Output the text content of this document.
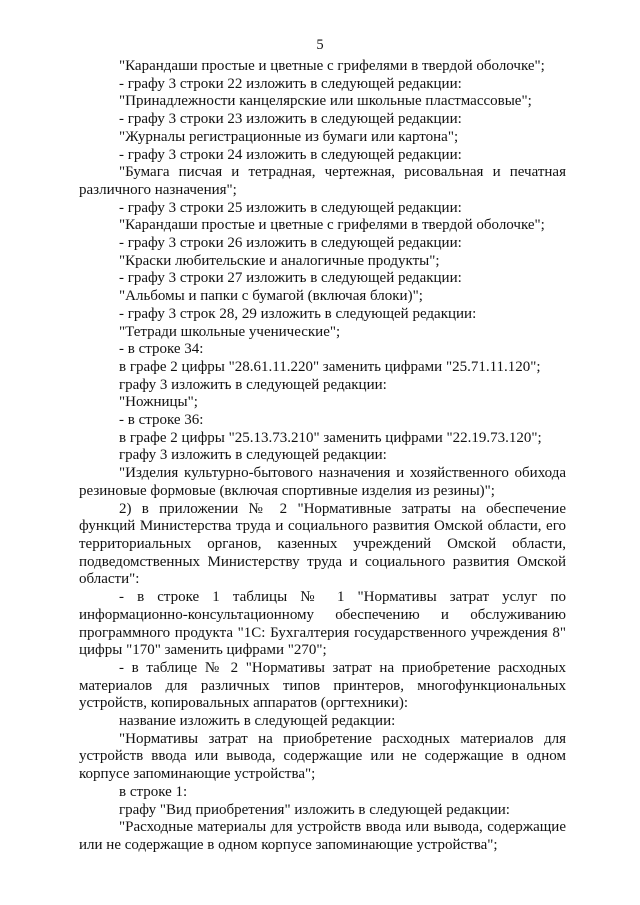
5

"Карандаши простые и цветные с грифелями в твердой оболочке";

- графу 3 строки 22 изложить в следующей редакции:

"Принадлежности канцелярские или школьные пластмассовые";

- графу 3 строки 23 изложить в следующей редакции:

"Журналы регистрационные из бумаги или картона";

- графу 3 строки 24 изложить в следующей редакции:

"Бумага писчая и тетрадная, чертежная, рисовальная и печатная различного назначения";

- графу 3 строки 25 изложить в следующей редакции:

"Карандаши простые и цветные с грифелями в твердой оболочке";

- графу 3 строки 26 изложить в следующей редакции:

"Краски любительские и аналогичные продукты";

- графу 3 строки 27 изложить в следующей редакции:

"Альбомы и папки с бумагой (включая блоки)";

- графу 3 строк 28, 29 изложить в следующей редакции:

"Тетради школьные ученические";

- в строке 34:

в графе 2 цифры "28.61.11.220" заменить цифрами "25.71.11.120";

графу 3 изложить в следующей редакции:

"Ножницы";

- в строке 36:

в графе 2 цифры "25.13.73.210" заменить цифрами "22.19.73.120";

графу 3 изложить в следующей редакции:

"Изделия культурно-бытового назначения и хозяйственного обихода резиновые формовые (включая спортивные изделия из резины)";

2) в приложении № 2 "Нормативные затраты на обеспечение функций Министерства труда и социального развития Омской области, его территориальных органов, казенных учреждений Омской области, подведомственных Министерству труда и социального развития Омской области":

- в строке 1 таблицы № 1 "Нормативы затрат услуг по информационно-консультационному обеспечению и обслуживанию программного продукта "1С: Бухгалтерия государственного учреждения 8" цифры "170" заменить цифрами "270";

- в таблице № 2 "Нормативы затрат на приобретение расходных материалов для различных типов принтеров, многофункциональных устройств, копировальных аппаратов (оргтехники):

название изложить в следующей редакции:

"Нормативы затрат на приобретение расходных материалов для устройств ввода или вывода, содержащие или не содержащие в одном корпусе запоминающие устройства";

в строке 1:

графу "Вид приобретения" изложить в следующей редакции:

"Расходные материалы для устройств ввода или вывода, содержащие или не содержащие в одном корпусе запоминающие устройства";
